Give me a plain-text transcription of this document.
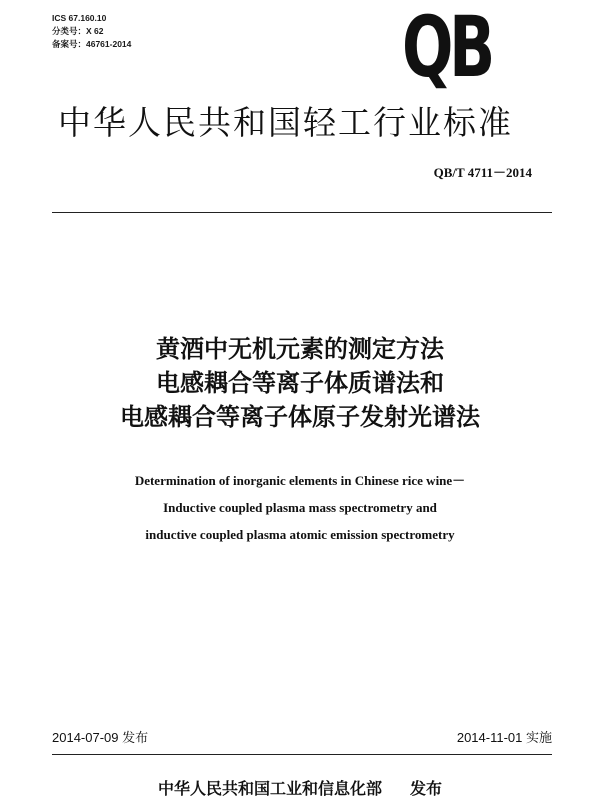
ICS 67.160.10
分类号：X 62
备案号：46761-2014	QB
中华人民共和国轻工行业标准
QB/T 4711－2014
黄酒中无机元素的测定方法
电感耦合等离子体质谱法和
电感耦合等离子体原子发射光谱法
Determination of inorganic elements in Chinese rice wine－
Inductive coupled plasma mass spectrometry and
inductive coupled plasma atomic emission spectrometry
2014-07-09 发布	2014-11-01 实施
中华人民共和国工业和信息化部 发布
